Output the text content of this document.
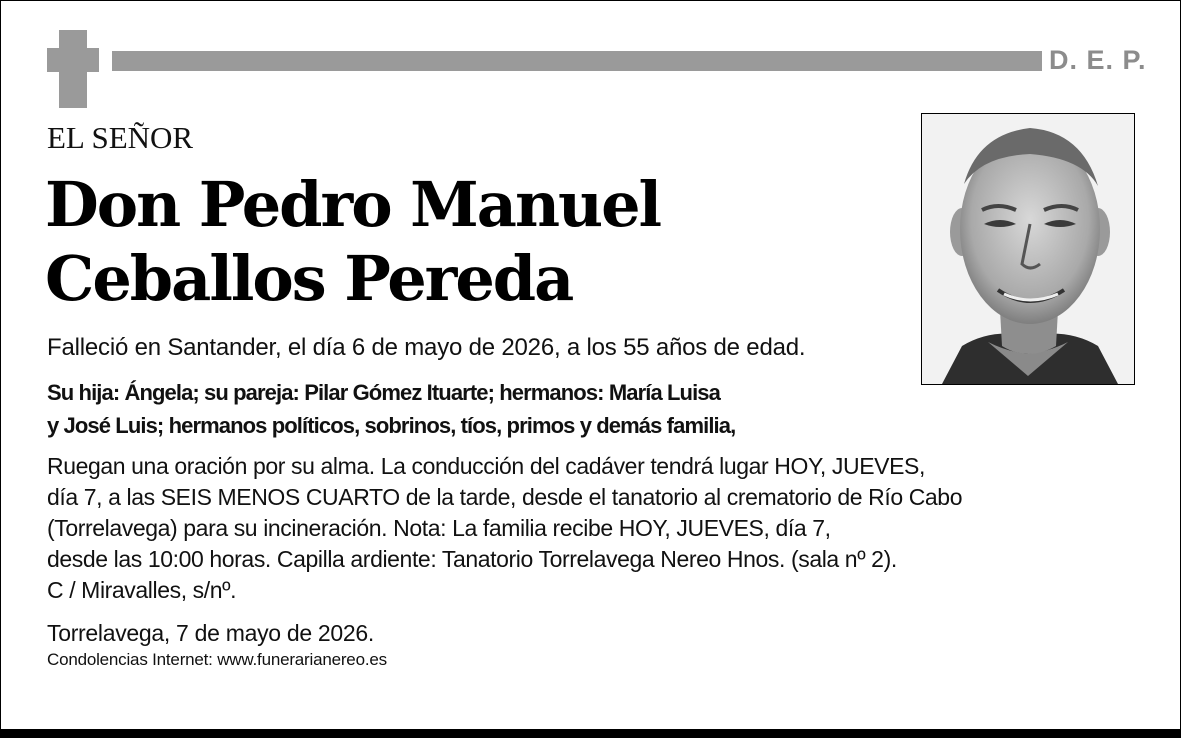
D. E. P.
EL SEÑOR
Don Pedro Manuel
Ceballos Pereda
Falleció en Santander, el día 6 de mayo de 2026, a los 55 años de edad.
Su hija: Ángela; su pareja: Pilar Gómez Ituarte; hermanos: María Luisa
y José Luis; hermanos políticos, sobrinos, tíos, primos y demás familia,
Ruegan una oración por su alma. La conducción del cadáver tendrá lugar HOY, JUEVES,
día 7, a las SEIS MENOS CUARTO de la tarde, desde el tanatorio al crematorio de Río Cabo
(Torrelavega) para su incineración. Nota: La familia recibe HOY, JUEVES, día 7,
desde las 10:00 horas. Capilla ardiente: Tanatorio Torrelavega Nereo Hnos. (sala nº 2).
C / Miravalles, s/nº.
Torrelavega, 7 de mayo de 2026.
Condolencias Internet: www.funerarianereo.es
